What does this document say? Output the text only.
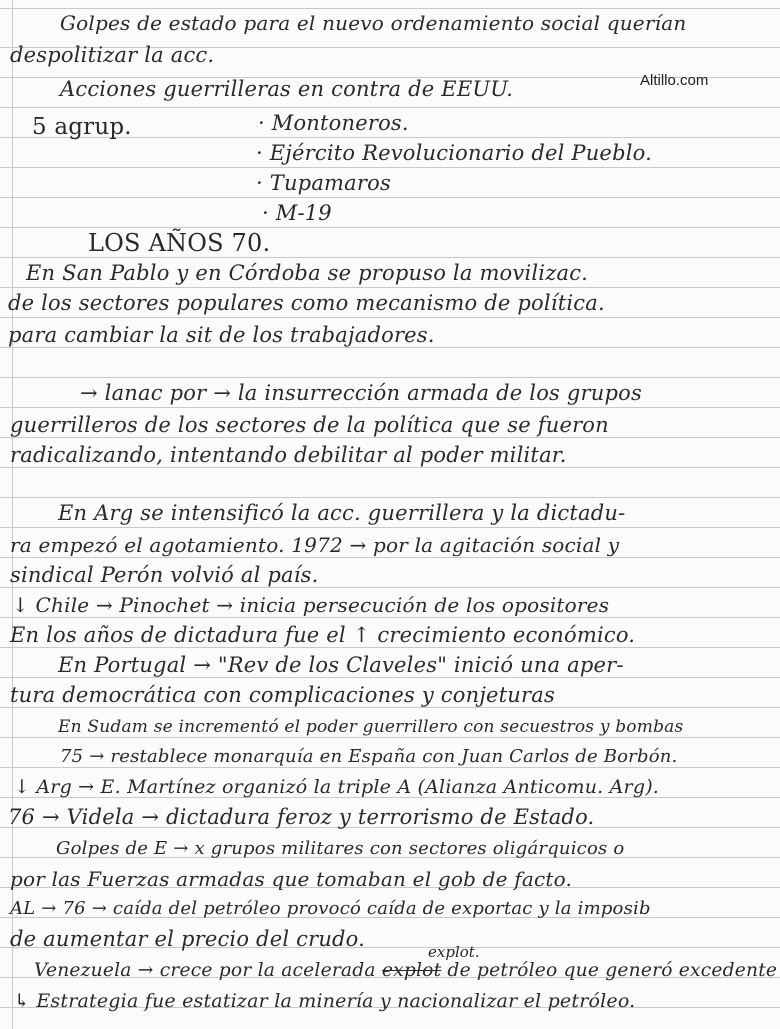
Altillo.com
Golpes de estado para el nuevo ordenamiento social querían
despolitizar la acc.
Acciones guerrilleras en contra de EEUU.
5 agrup.	· Montoneros.
· Ejército Revolucionario del Pueblo.
· Tupamaros
· M-19
LOS AÑOS 70.
En San Pablo y en Córdoba se propuso la movilizac.
de los sectores populares como mecanismo de política.
para cambiar la sit de los trabajadores.
→ lanac por → la insurrección armada de los grupos
guerrilleros de los sectores de la política que se fueron
radicalizando, intentando debilitar al poder militar.
En Arg se intensificó la acc. guerrillera y la dictadu-
ra empezó el agotamiento. 1972 → por la agitación social y
sindical Perón volvió al país.
↓ Chile → Pinochet → inicia persecución de los opositores
En los años de dictadura fue el ↑ crecimiento económico.
En Portugal → "Rev de los Claveles" inició una aper-
tura democrática con complicaciones y conjeturas
En Sudam se incrementó el poder guerrillero con secuestros y bombas
75 → restablece monarquía en España con Juan Carlos de Borbón.
↓ Arg → E. Martínez organizó la triple A (Alianza Anticomu. Arg).
76 → Videla → dictadura feroz y terrorismo de Estado.
Golpes de E → x grupos militares con sectores oligárquicos o
por las Fuerzas armadas que tomaban el gob de facto.
AL → 76 → caída del petróleo provocó caída de exportac y la imposib
de aumentar el precio del crudo.
Venezuela → crece por la acelerada explot de petróleo que generó excedente
explot.
↳ Estrategia fue estatizar la minería y nacionalizar el petróleo.
